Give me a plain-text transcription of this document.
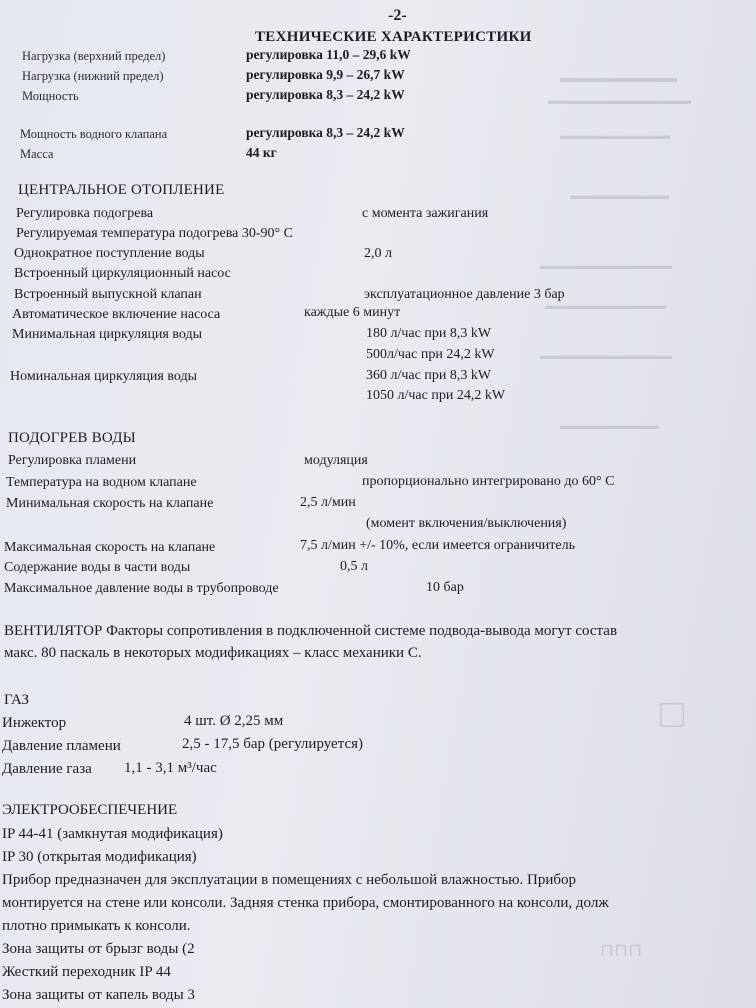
▬▬▬▬▬▬▬▬▬
▬▬▬▬▬▬▬▬▬▬▬▬▬
▬▬▬▬▬▬▬▬▬▬
▬▬▬▬▬▬▬▬▬
▬▬▬▬▬▬▬▬▬▬▬▬
▬▬▬▬▬▬▬▬▬▬▬
▬▬▬▬▬▬▬▬▬▬▬▬
▬▬▬▬▬▬▬▬▬
□
⊓⊓⊓
-2-
ТЕХНИЧЕСКИЕ ХАРАКТЕРИСТИКИ
Нагрузка (верхний предел)	регулировка 11,0 – 29,6 kW
Нагрузка (нижний предел)	регулировка 9,9 – 26,7 kW
Мощность	регулировка 8,3 – 24,2 kW
Мощность водного клапана	регулировка 8,3 – 24,2 kW
Масса	44 кг
ЦЕНТРАЛЬНОЕ ОТОПЛЕНИЕ
Регулировка подогрева	с момента зажигания
Регулируемая температура подогрева 30-90° С
Однократное поступление воды	2,0 л
Встроенный циркуляционный насос
Встроенный выпускной клапан	эксплуатационное давление 3 бар
Автоматическое включение насоса	каждые 6 минут
Минимальная циркуляция воды	180 л/час при 8,3 kW
500л/час при 24,2 kW
Номинальная циркуляция воды	360 л/час при 8,3 kW
1050 л/час при 24,2 kW
ПОДОГРЕВ ВОДЫ
Регулировка пламени	модуляция
Температура на водном клапане	пропорционально интегрировано до 60° С
Минимальная скорость на клапане	2,5 л/мин
(момент включения/выключения)
Максимальная скорость на клапане	7,5 л/мин +/- 10%, если имеется ограничитель
Содержание воды в части воды	0,5 л
Максимальное давление воды в трубопроводе	10 бар
ВЕНТИЛЯТОР Факторы сопротивления в подключенной системе подвода-вывода могут состав
макс. 80 паскаль в некоторых модификациях – класс механики С.
ГАЗ
Инжектор	4 шт. Ø 2,25 мм
Давление пламени	2,5 - 17,5 бар (регулируется)
Давление газа 1,1 - 3,1 м³/час
ЭЛЕКТРООБЕСПЕЧЕНИЕ
IP 44-41 (замкнутая модификация)
IP 30 (открытая модификация)
Прибор предназначен для эксплуатации в помещениях с небольшой влажностью. Прибор
монтируется на стене или консоли. Задняя стенка прибора, смонтированного на консоли, долж
плотно примыкать к консоли.
Зона защиты от брызг воды (2
Жесткий переходник IP 44
Зона защиты от капель воды 3
